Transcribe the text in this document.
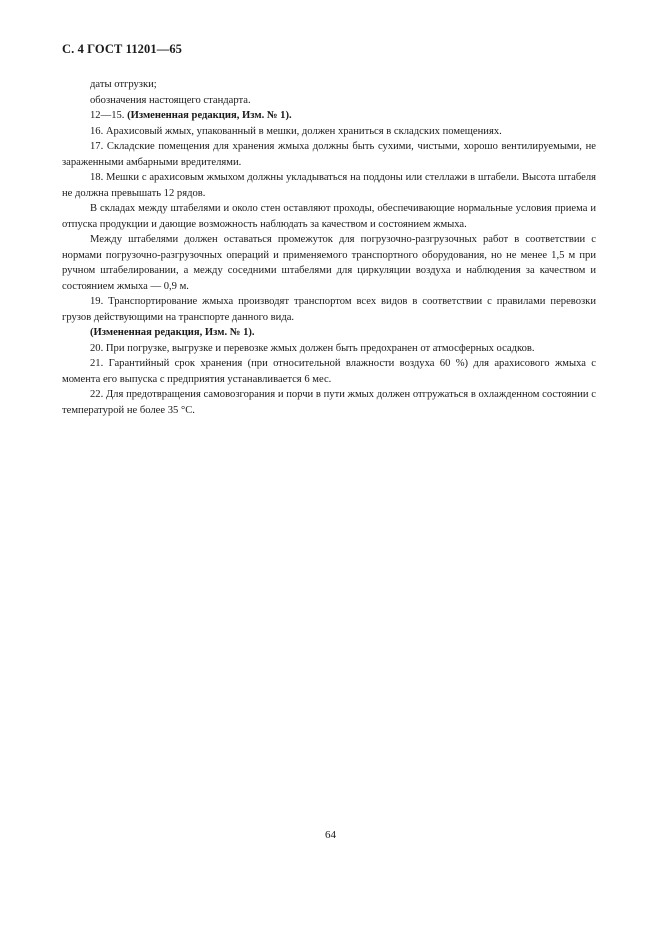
С. 4 ГОСТ 11201—65

даты отгрузки;

обозначения настоящего стандарта.

12—15. (Измененная редакция, Изм. № 1).

16. Арахисовый жмых, упакованный в мешки, должен храниться в складских помещениях.

17. Складские помещения для хранения жмыха должны быть сухими, чистыми, хорошо вентилируемыми, не зараженными амбарными вредителями.

18. Мешки с арахисовым жмыхом должны укладываться на поддоны или стеллажи в штабели. Высота штабеля не должна превышать 12 рядов.

В складах между штабелями и около стен оставляют проходы, обеспечивающие нормальные условия приема и отпуска продукции и дающие возможность наблюдать за качеством и состоянием жмыха.

Между штабелями должен оставаться промежуток для погрузочно-разгрузочных работ в соответствии с нормами погрузочно-разгрузочных операций и применяемого транспортного оборудования, но не менее 1,5 м при ручном штабелировании, а между соседними штабелями для циркуляции воздуха и наблюдения за качеством и состоянием жмыха — 0,9 м.

19. Транспортирование жмыха производят транспортом всех видов в соответствии с правилами перевозки грузов действующими на транспорте данного вида.

(Измененная редакция, Изм. № 1).

20. При погрузке, выгрузке и перевозке жмых должен быть предохранен от атмосферных осадков.

21. Гарантийный срок хранения (при относительной влажности воздуха 60 %) для арахисового жмыха с момента его выпуска с предприятия устанавливается 6 мес.

22. Для предотвращения самовозгорания и порчи в пути жмых должен отгружаться в охлажденном состоянии с температурой не более 35 °С.

64
